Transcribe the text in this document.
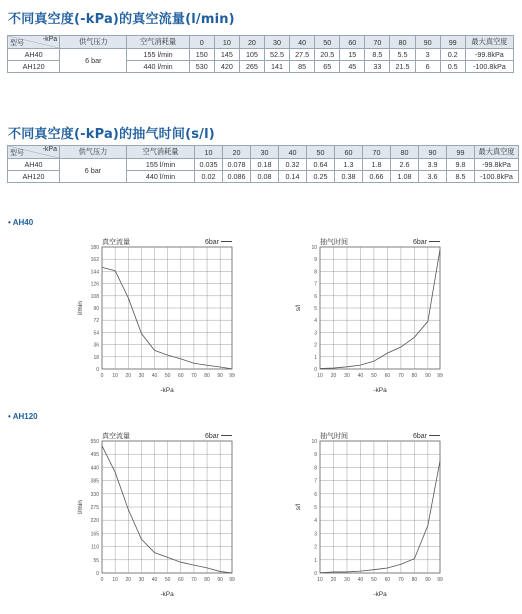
不同真空度(-kPa)的真空流量(l/min)
-kPa
型号	供气压力	空气消耗量	0	10	20	30	40	50	60	70	80	90	99	最大真空度
AH40	6 bar	155 l/min	150	145	105	52.5	27.5	20.5	15	8.5	5.5	3	0.2	-99.8kPa
AH120		440 l/min	530	420	265	141	85	65	45	33	21.5	6	0.5	-100.8kPa
不同真空度(-kPa)的抽气时间(s/l)
-kPa
型号	供气压力	空气消耗量	10	20	30	40	50	60	70	80	90	99	最大真空度
AH40	6 bar	155 l/min	0.035	0.078	0.18	0.32	0.64	1.3	1.8	2.6	3.9	9.8	-99.8kPa
AH120		440 l/min	0.02	0.086	0.08	0.14	0.25	0.38	0.66	1.08	3.6	8.5	-100.8kPa
• AH40
• AH120
0
18
36
54
72
90
108
126
144
162
180
0 10 20 30 40 50 60 70 80 90 99
真空流量	6bar
-kPa
l/min
0
1
2
3
4
5
6
7
8
9
10
10 20 30 40 50 60 70 80 90 99
抽气时间	6bar
-kPa
s/l
0
55
110
165
220
275
330
385
440
495
550
0 10 20 30 40 50 60 70 80 90 99
真空流量	6bar
-kPa
l/min
0
1
2
3
4
5
6
7
8
9
10
10 20 30 40 50 60 70 80 90 99
抽气时间	6bar
-kPa
s/l
